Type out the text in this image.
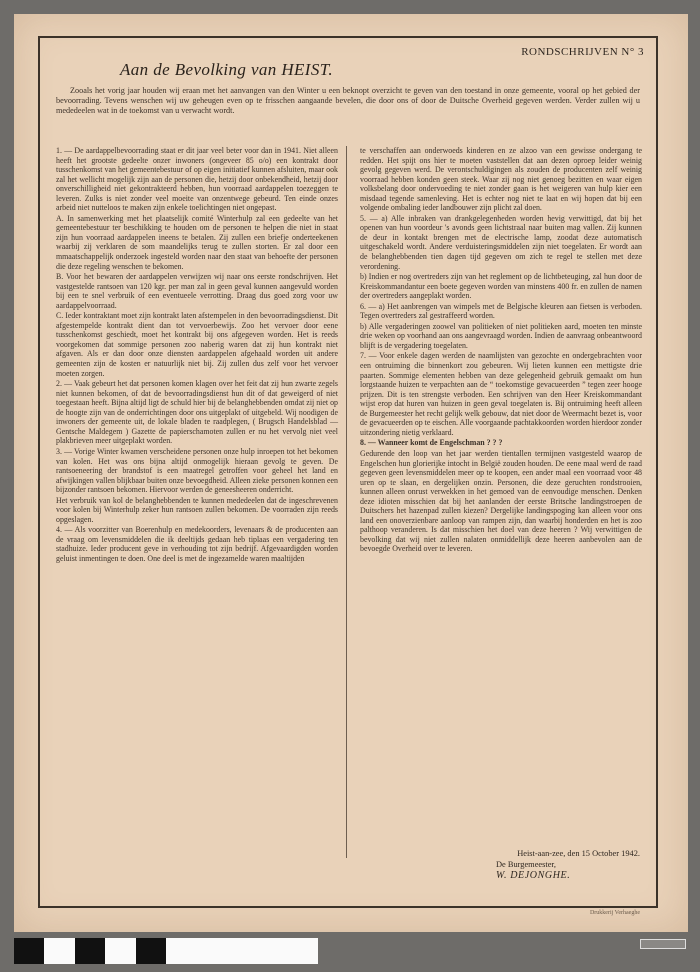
RONDSCHRIJVEN N° 3
Aan de Bevolking van HEIST.
Zooals het vorig jaar houden wij eraan met het aanvangen van den Winter u een beknopt overzicht te geven van den toestand in onze gemeente, vooral op het gebied der bevoorrading. Tevens wenschen wij uw geheugen even op te frisschen aangaande bevelen, die door ons of door de Duitsche Overheid gegeven werden. Verder zullen wij u mededeelen wat in de toekomst van u verwacht wordt.

1. — De aardappelbevoorrading staat er dit jaar veel beter voor dan in 1941. Niet alleen heeft het grootste gedeelte onzer inwoners (ongeveer 85 o/o) een kontrakt door tusschenkomst van het gemeentebestuur of op eigen initiatief kunnen afsluiten, maar ook zal het wellicht mogelijk zijn aan de personen die, hetzij door onbekendheid, hetzij door onverschilligheid niet gekontrakteerd hebben, hun voorraad aardappelen toezeggen te leveren. Zulks is niet zonder veel moeite van onzentwege gebeurd. Ten einde onzes arbeid niet nutteloos te maken zijn enkele toelichtingen niet ongepast.

A. In samenwerking met het plaatselijk comité Winterhulp zal een gedeelte van het gemeentebestuur ter beschikking te houden om de personen te helpen die niet in staat zijn hun voorraad aardappelen ineens te betalen. Zij zullen een briefje onderteekenen waarbij zij verklaren de som maandelijks terug te zullen storten. Er zal door een mmaatschappelijk onderzoek ingesteld worden naar den staat van behoefte der personen die deze regeling wenschen te bekomen.

B. Voor het bewaren der aardappelen verwijzen wij naar ons eerste rondschrijven. Het vastgestelde rantsoen van 120 kgr. per man zal in geen geval kunnen aangevuld worden bij een te snel verbruik of een eventueele verrotting. Draag dus goed zorg voor uw aardappelvoorraad.

C. Ieder kontraktant moet zijn kontrakt laten afstempelen in den bevoorradingsdienst. Dit afgestempelde kontrakt dient dan tot vervoerbewijs. Zoo het vervoer door eene tusschenkomst geschiedt, moet het kontrakt bij ons afgegeven worden. Het is reeds voorgekomen dat sommige personen zoo naberig waren dat zij hun kontrakt niet afgaven. Als er dan door onze diensten aardappelen afgehaald worden uit andere gemeenten zijn de kosten er natuurlijk niet bij. Zij zullen dus zelf voor het vervoer moeten zorgen.

2. — Vaak gebeurt het dat personen komen klagen over het feit dat zij hun zwarte zegels niet kunnen bekomen, of dat de bevoorradingsdienst hun dit of dat geweigerd of niet toegestaan heeft. Bijna altijd ligt de schuld hier bij de belanghebbenden omdat zij niet op de hoogte zijn van de onderrichtingen door ons uitgeplakt of uitgebeld. Wij noodigen de inwoners der gemeente uit, de lokale bladen te raadplegen, ( Brugsch Handelsblad — Gentsche Maldegem ) Gazette de papierschamoten zullen er nu het vervolg niet veel plakbrieven meer uitgeplakt worden.

3. — Vorige Winter kwamen verscheidene personen onze hulp inroepen tot het bekomen van kolen. Het was ons bijna altijd onmogelijk hieraan gevolg te geven. De rantsoeneering der brandstof is een maatregel getroffen voor geheel het land en afwijkingen vallen blijkbaar buiten onze bevoegdheid. Alleen zieke personen konnen een bijzonder rantsoen bekomen. Hiervoor werden de geneesheeren onderricht.

Het verbruik van kol de belanghebbenden te kunnen mededeelen dat de ingeschrevenen voor kolen bij Winterhulp zeker hun rantsoen zullen bekomen. De voorraden zijn reeds opgeslagen.

4. — Als voorzitter van Boerenhulp en medekoorders, levenaars & de producenten aan de vraag om levensmiddelen die ik deeltijds gedaan heb tiplaas een vergadering ten stadhuize. Ieder producent geve in verhouding tot zijn bedrijf. Afgevaardigden worden geluist inmentingen te doen. One deel is met de ingezamelde waren maaltijden

te verschaffen aan onderwoeds kinderen en ze alzoo van een gewisse ondergang te redden. Het spijt ons hier te moeten vaststellen dat aan dezen oproep leider weinig gevolg gegeven werd. De verontschuldigingen als zouden de producenten zelf weinig voorraad hebben konden geen steek. Waar zij nog niet genoeg bezitten en waar eigen volksbelang door ondervoeding te niet zonder gaan is het weigeren van hulp kier een misdaad tegende samenleving. Het is echter nog niet te laat en wij hopen dat bij een volgende ombaling ieder landbouwer zijn plicht zal doen.

5. — a) Alle inbraken van drankgelegenheden worden hevig verwittigd, dat bij het openen van hun voordeur 's avonds geen lichtstraal naar buiten mag vallen. Zij kunnen de deur in kontakt brengen met de electrische lamp, zoodat deze automatisch uitgeschakeld wordt. Andere verduisteringsmiddelen zijn niet toegelaten. Er wordt aan de belanghebbenden tien dagen tijd gegeven om zich te regel te stellen met deze verordening.

b) Indien er nog overtreders zijn van het reglement op de lichtbeteuging, zal hun door de Kreiskommandantur een boete gegeven worden van minstens 400 fr. en zullen de namen der overtreders aangeplakt worden.

6. — a) Het aanbrengen van wimpels met de Belgische kleuren aan fietsen is verboden. Tegen overtreders zal gestraffeerd worden.

b) Alle vergaderingen zoowel van politieken of niet politieken aard, moeten ten minste drie weken op voorhand aan ons aangevraagd worden. Indien de aanvraag onbeantwoord blijft is de vergadering toegelaten.

7. — Voor enkele dagen werden de naamlijsten van gezochte en ondergebrachten voor een ontruiming die binnenkort zou gebeuren. Wij lieten kunnen een mettigste drie paarten. Sommige elementen hebben van deze gelegenheid gebruik gemaakt om hun lorgstaande huizen te verpachten aan de “ toekomstige gevacueerden ” tegen zeer hooge prijzen. Dit is ten strengste verboden. Een schrijven van den Heer Kreiskommandant wijst erop dat huren van huizen in geen geval toegelaten is. Bij ontruiming heeft alleen de Burgemeester het recht gelijk welk gebouw, dat niet door de Weermacht bezet is, voor de gevacueerden op te eischen. Alle voorgaande pachtakkoorden worden hierdoor zonder uitzondering nietig verklaard.

8. — Wanneer komt de Engelschman ? ? ?

Gedurende den loop van het jaar werden tientallen termijnen vastgesteld waarop de Engelschen hun glorierijke intocht in België zouden houden. De eene maal werd de raad gegeven geen levensmiddelen meer op te koopen, een ander maal een voorraad voor 48 uren op te slaan, en dergelijken onzin. Personen, die deze geruchten rondstrooien, kunnen alleen onrust verwekken in het gemoed van de eenvoudige menschen. Denken deze idioten misschien dat bij het aanlanden der eerste Britsche landingstroepen de Duitschers het hazenpad zullen kiezen? Dergelijke landingspoging kan alleen voor ons land een onoverzienbare aanloop van rampen zijn, dan waarbij honderden en het is zoo palthoop veranderen. Is dat misschien het doel van deze heeren ? Wij verwittigen de bevolking dat wij niet zullen nalaten onmiddellijk deze heeren aanbevolen aan de bevoegde Overheid over te leveren.

Heist-aan-zee, den 15 October 1942.
De Burgemeester,
W. DEJONGHE.
Drukkerij Verhaeghe
